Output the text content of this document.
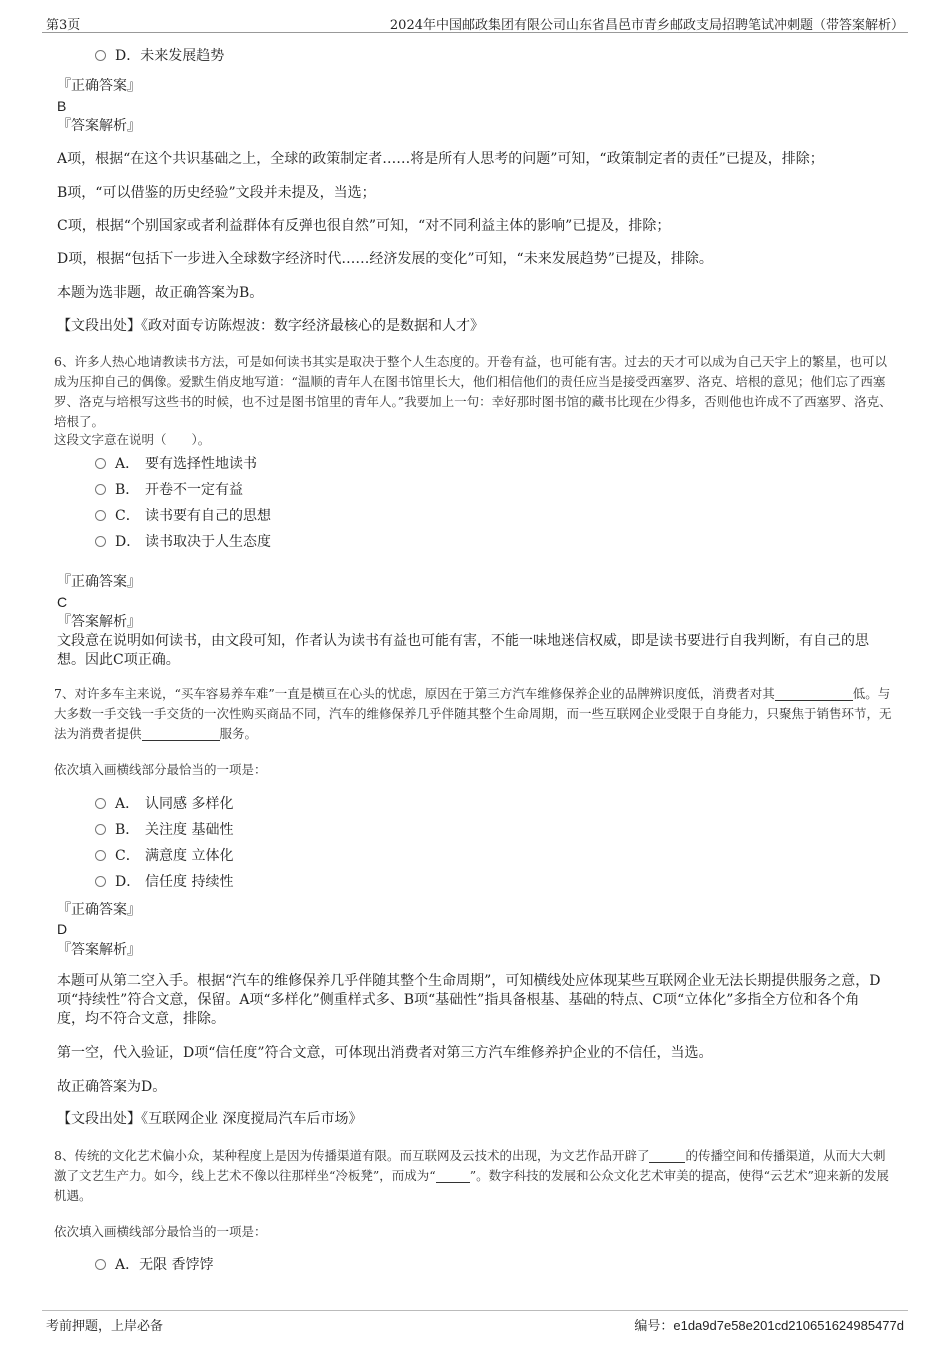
第3页	2024年中国邮政集团有限公司山东省昌邑市青乡邮政支局招聘笔试冲刺题（带答案解析）
D．未来发展趋势
『正确答案』
B
『答案解析』
A项，根据“在这个共识基础之上，全球的政策制定者……将是所有人思考的问题”可知，“政策制定者的责任”已提及，排除；
B项，“可以借鉴的历史经验”文段并未提及，当选；
C项，根据“个别国家或者利益群体有反弹也很自然”可知，“对不同利益主体的影响”已提及，排除；
D项，根据“包括下一步进入全球数字经济时代……经济发展的变化”可知，“未来发展趋势”已提及，排除。
本题为选非题，故正确答案为B。
【文段出处】《政对面专访陈煜波：数字经济最核心的是数据和人才》
6、许多人热心地请教读书方法，可是如何读书其实是取决于整个人生态度的。开卷有益，也可能有害。过去的天才可以成为自己天宇上的繁星，也可以成为压抑自己的偶像。爱默生俏皮地写道：“温顺的青年人在图书馆里长大，他们相信他们的责任应当是接受西塞罗、洛克、培根的意见；他们忘了西塞罗、洛克与培根写这些书的时候，也不过是图书馆里的青年人。”我要加上一句：幸好那时图书馆的藏书比现在少得多，否则他也许成不了西塞罗、洛克、培根了。
这段文字意在说明（　　）。
A． 要有选择性地读书
B． 开卷不一定有益
C． 读书要有自己的思想
D． 读书取决于人生态度
『正确答案』
C
『答案解析』
文段意在说明如何读书，由文段可知，作者认为读书有益也可能有害，不能一味地迷信权威，即是读书要进行自我判断，有自己的思想。因此C项正确。
7、对许多车主来说，“买车容易养车难”一直是横亘在心头的忧虑，原因在于第三方汽车维修保养企业的品牌辨识度低，消费者对其	低。与大多数一手交钱一手交货的一次性购买商品不同，汽车的维修保养几乎伴随其整个生命周期，而一些互联网企业受限于自身能力，只聚焦于销售环节，无法为消费者提供	服务。
依次填入画横线部分最恰当的一项是：
A． 认同感 多样化
B． 关注度 基础性
C． 满意度 立体化
D． 信任度 持续性
『正确答案』
D
『答案解析』
本题可从第二空入手。根据“汽车的维修保养几乎伴随其整个生命周期”，可知横线处应体现某些互联网企业无法长期提供服务之意，D项“持续性”符合文意，保留。A项“多样化”侧重样式多、B项“基础性”指具备根基、基础的特点、C项“立体化”多指全方位和各个角度，均不符合文意，排除。
第一空，代入验证，D项“信任度”符合文意，可体现出消费者对第三方汽车维修养护企业的不信任，当选。
故正确答案为D。
【文段出处】《互联网企业 深度搅局汽车后市场》
8、传统的文化艺术偏小众，某种程度上是因为传播渠道有限。而互联网及云技术的出现，为文艺作品开辟了	的传播空间和传播渠道，从而大大刺激了文艺生产力。如今，线上艺术不像以往那样坐“冷板凳”，而成为“	”。数字科技的发展和公众文化艺术审美的提高，使得“云艺术”迎来新的发展机遇。
依次填入画横线部分最恰当的一项是：
A．无限 香饽饽
考前押题，上岸必备	编号：e1da9d7e58e201cd210651624985477d
